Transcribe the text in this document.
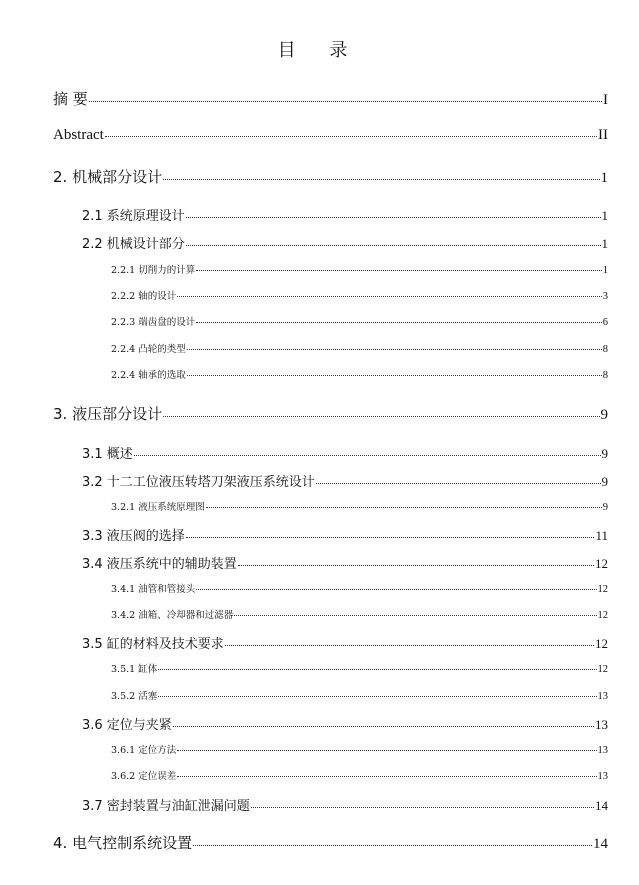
目 录
摘 要	I
Abstract	II
2. 机械部分设计	1
2.1 系统原理设计	1
2.2 机械设计部分	1
2.2.1 切削力的计算	1
2.2.2 轴的设计	3
2.2.3 端齿盘的设计	6
2.2.4 凸轮的类型	8
2.2.4 轴承的选取	8
3. 液压部分设计	9
3.1 概述	9
3.2 十二工位液压转塔刀架液压系统设计	9
3.2.1 液压系统原理图	9
3.3 液压阀的选择	11
3.4 液压系统中的辅助装置	12
3.4.1 油管和管接头	12
3.4.2 油箱、冷却器和过滤器	12
3.5 缸的材料及技术要求	12
3.5.1 缸体	12
3.5.2 活塞	13
3.6 定位与夹紧	13
3.6.1 定位方法	13
3.6.2 定位误差	13
3.7 密封装置与油缸泄漏问题	14
4. 电气控制系统设置	14
